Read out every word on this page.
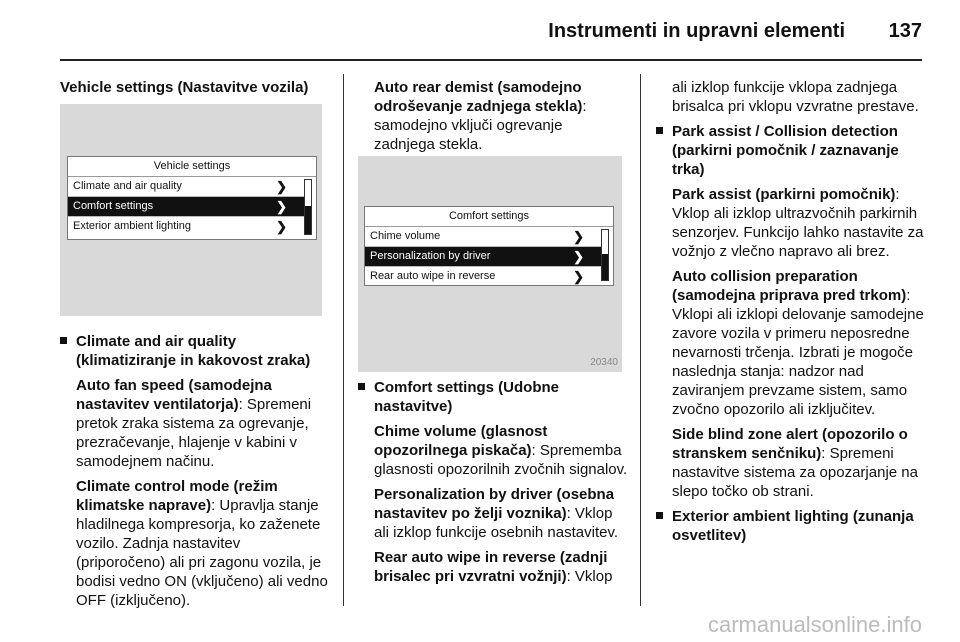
Instrumenti in upravni elementi 137
Vehicle settings (Nastavitve vozila)
Vehicle settings
Climate and air quality	❯
Comfort settings	❯
Exterior ambient lighting	❯
Climate and air quality (klimatiziranje in kakovost zraka)

Auto fan speed (samodejna nastavitev ventilatorja): Spremeni pretok zraka sistema za ogrevanje, prezračevanje, hlajenje v kabini v samodejnem načinu.

Climate control mode (režim klimatske naprave): Upravlja stanje hladilnega kompresorja, ko zaženete vozilo. Zadnja nastavitev (priporočeno) ali pri zagonu vozila, je bodisi vedno ON (vključeno) ali vedno OFF (izključeno).

Auto rear demist (samodejno odroševanje zadnjega stekla): samodejno vključi ogrevanje zadnjega stekla.

Comfort settings
Chime volume	❯
Personalization by driver	❯
Rear auto wipe in reverse	❯
20340
Comfort settings (Udobne nastavitve)

Chime volume (glasnost opozorilnega piskača): Sprememba glasnosti opozorilnih zvočnih signalov.

Personalization by driver (osebna nastavitev po želji voznika): Vklop ali izklop funkcije osebnih nastavitev.

Rear auto wipe in reverse (zadnji brisalec pri vzvratni vožnji): Vklop

ali izklop funkcije vklopa zadnjega brisalca pri vklopu vzvratne prestave.

Park assist / Collision detection (parkirni pomočnik / zaznavanje trka)

Park assist (parkirni pomočnik): Vklop ali izklop ultrazvočnih parkirnih senzorjev. Funkcijo lahko nastavite za vožnjo z vlečno napravo ali brez.

Auto collision preparation (samodejna priprava pred trkom): Vklopi ali izklopi delovanje samodejne zavore vozila v primeru neposredne nevarnosti trčenja. Izbrati je mogoče naslednja stanja: nadzor nad zaviranjem prevzame sistem, samo zvočno opozorilo ali izključitev.

Side blind zone alert (opozorilo o stranskem senčniku): Spremeni nastavitve sistema za opozarjanje na slepo točko ob strani.

Exterior ambient lighting (zunanja osvetlitev)
carmanualsonline.info
